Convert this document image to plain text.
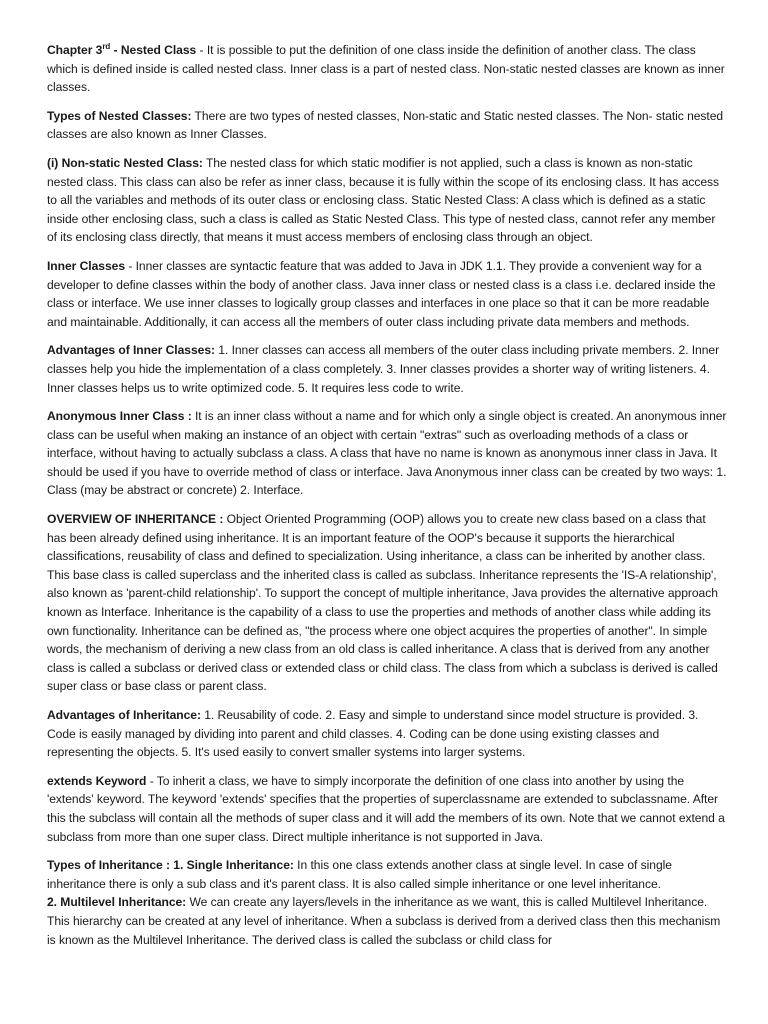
Chapter 3rd - Nested Class - It is possible to put the definition of one class inside the definition of another class. The class which is defined inside is called nested class. Inner class is a part of nested class. Non-static nested classes are known as inner classes.

Types of Nested Classes: There are two types of nested classes, Non-static and Static nested classes. The Non- static nested classes are also known as Inner Classes.

(i) Non-static Nested Class: The nested class for which static modifier is not applied, such a class is known as non-static nested class. This class can also be refer as inner class, because it is fully within the scope of its enclosing class. It has access to all the variables and methods of its outer class or enclosing class. Static Nested Class: A class which is defined as a static inside other enclosing class, such a class is called as Static Nested Class. This type of nested class, cannot refer any member of its enclosing class directly, that means it must access members of enclosing class through an object.

Inner Classes - Inner classes are syntactic feature that was added to Java in JDK 1.1. They provide a convenient way for a developer to define classes within the body of another class. Java inner class or nested class is a class i.e. declared inside the class or interface. We use inner classes to logically group classes and interfaces in one place so that it can be more readable and maintainable. Additionally, it can access all the members of outer class including private data members and methods.

Advantages of Inner Classes: 1. Inner classes can access all members of the outer class including private members. 2. Inner classes help you hide the implementation of a class completely. 3. Inner classes provides a shorter way of writing listeners. 4. Inner classes helps us to write optimized code. 5. It requires less code to write.

Anonymous Inner Class : It is an inner class without a name and for which only a single object is created. An anonymous inner class can be useful when making an instance of an object with certain "extras" such as overloading methods of a class or interface, without having to actually subclass a class. A class that have no name is known as anonymous inner class in Java. It should be used if you have to override method of class or interface. Java Anonymous inner class can be created by two ways: 1. Class (may be abstract or concrete) 2. Interface.

OVERVIEW OF INHERITANCE : Object Oriented Programming (OOP) allows you to create new class based on a class that has been already defined using inheritance. It is an important feature of the OOP's because it supports the hierarchical classifications, reusability of class and defined to specialization. Using inheritance, a class can be inherited by another class. This base class is called superclass and the inherited class is called as subclass. Inheritance represents the 'IS-A relationship', also known as 'parent-child relationship'. To support the concept of multiple inheritance, Java provides the alternative approach known as Interface. Inheritance is the capability of a class to use the properties and methods of another class while adding its own functionality. Inheritance can be defined as, "the process where one object acquires the properties of another". In simple words, the mechanism of deriving a new class from an old class is called inheritance. A class that is derived from any another class is called a subclass or derived class or extended class or child class. The class from which a subclass is derived is called super class or base class or parent class.

Advantages of Inheritance: 1. Reusability of code. 2. Easy and simple to understand since model structure is provided. 3. Code is easily managed by dividing into parent and child classes. 4. Coding can be done using existing classes and representing the objects. 5. It's used easily to convert smaller systems into larger systems.

extends Keyword - To inherit a class, we have to simply incorporate the definition of one class into another by using the 'extends' keyword. The keyword 'extends' specifies that the properties of superclassname are extended to subclassname. After this the subclass will contain all the methods of super class and it will add the members of its own. Note that we cannot extend a subclass from more than one super class. Direct multiple inheritance is not supported in Java.

Types of Inheritance : 1. Single Inheritance: In this one class extends another class at single level. In case of single inheritance there is only a sub class and it's parent class. It is also called simple inheritance or one level inheritance.
2. Multilevel Inheritance: We can create any layers/levels in the inheritance as we want, this is called Multilevel Inheritance. This hierarchy can be created at any level of inheritance. When a subclass is derived from a derived class then this mechanism is known as the Multilevel Inheritance. The derived class is called the subclass or child class for
